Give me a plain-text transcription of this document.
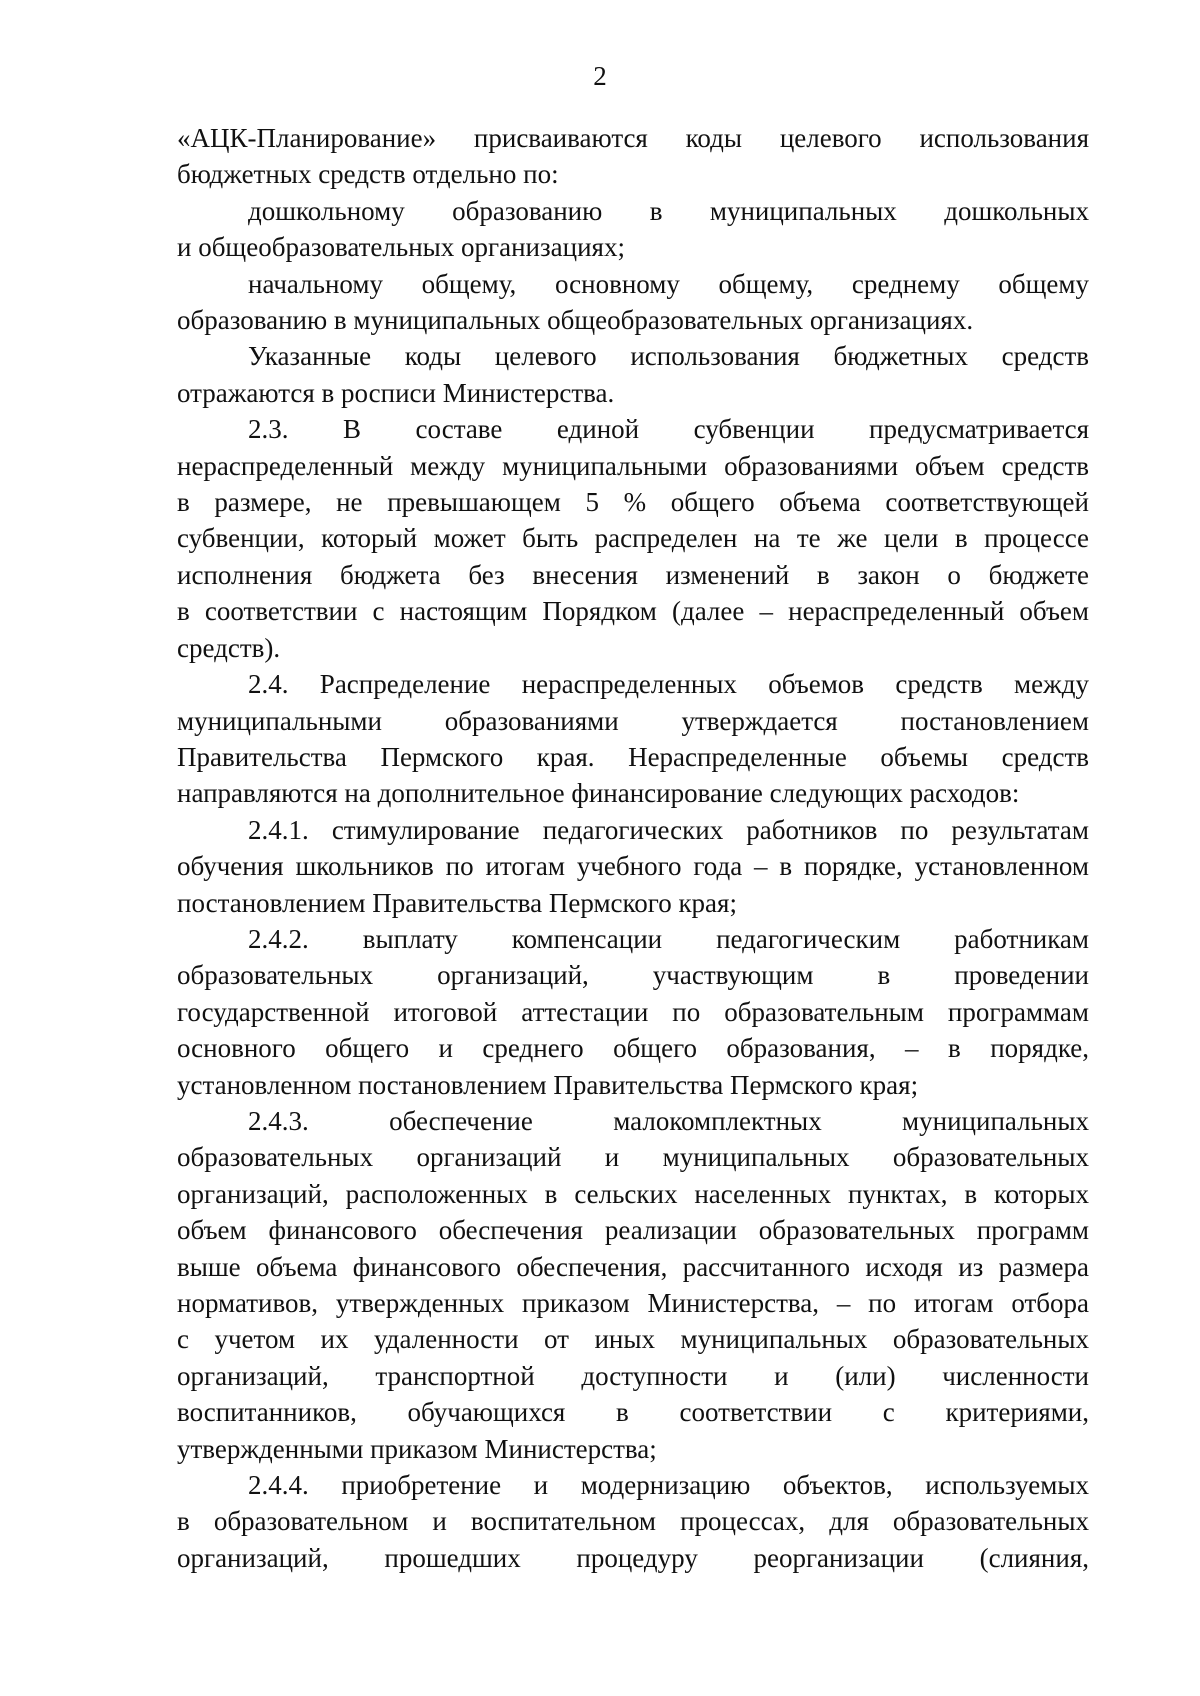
2
«АЦК-Планирование» присваиваются коды целевого использования
бюджетных средств отдельно по:
дошкольному образованию в муниципальных дошкольных
и общеобразовательных организациях;
начальному общему, основному общему, среднему общему
образованию в муниципальных общеобразовательных организациях.
Указанные коды целевого использования бюджетных средств
отражаются в росписи Министерства.
2.3. В составе единой субвенции предусматривается
нераспределенный между муниципальными образованиями объем средств
в размере, не превышающем 5 % общего объема соответствующей
субвенции, который может быть распределен на те же цели в процессе
исполнения бюджета без внесения изменений в закон о бюджете
в соответствии с настоящим Порядком (далее – нераспределенный объем
средств).
2.4. Распределение нераспределенных объемов средств между
муниципальными образованиями утверждается постановлением
Правительства Пермского края. Нераспределенные объемы средств
направляются на дополнительное финансирование следующих расходов:
2.4.1. стимулирование педагогических работников по результатам
обучения школьников по итогам учебного года – в порядке, установленном
постановлением Правительства Пермского края;
2.4.2. выплату компенсации педагогическим работникам
образовательных организаций, участвующим в проведении
государственной итоговой аттестации по образовательным программам
основного общего и среднего общего образования, – в порядке,
установленном постановлением Правительства Пермского края;
2.4.3. обеспечение малокомплектных муниципальных
образовательных организаций и муниципальных образовательных
организаций, расположенных в сельских населенных пунктах, в которых
объем финансового обеспечения реализации образовательных программ
выше объема финансового обеспечения, рассчитанного исходя из размера
нормативов, утвержденных приказом Министерства, – по итогам отбора
с учетом их удаленности от иных муниципальных образовательных
организаций, транспортной доступности и (или) численности
воспитанников, обучающихся в соответствии с критериями,
утвержденными приказом Министерства;
2.4.4. приобретение и модернизацию объектов, используемых
в образовательном и воспитательном процессах, для образовательных
организаций, прошедших процедуру реорганизации (слияния,
